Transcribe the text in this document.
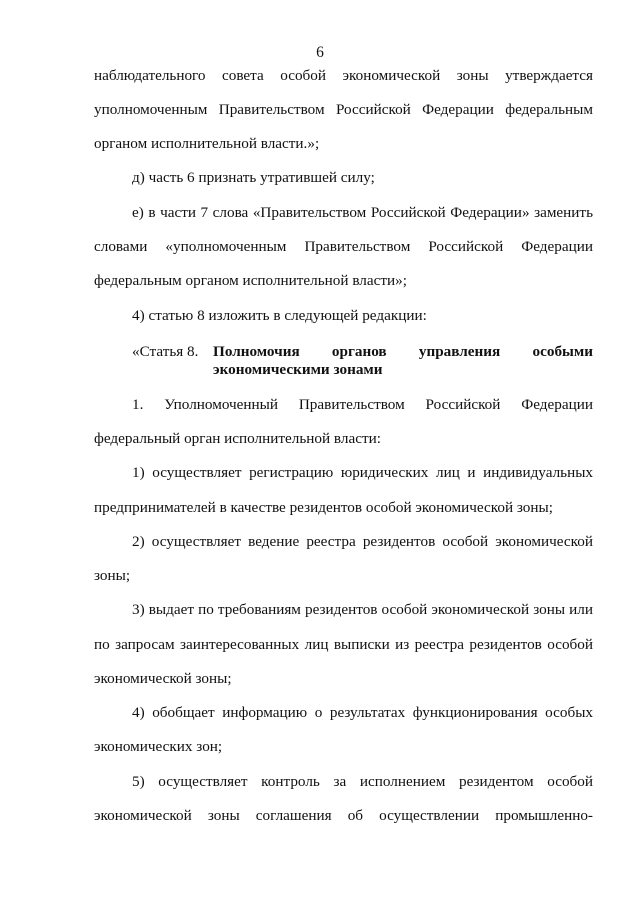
6
наблюдательного совета особой экономической зоны утверждается
уполномоченным Правительством Российской Федерации федеральным
органом исполнительной власти.»;
д) часть 6 признать утратившей силу;
е) в части 7 слова «Правительством Российской Федерации» заменить
словами «уполномоченным Правительством Российской Федерации
федеральным органом исполнительной власти»;
4) статью 8 изложить в следующей редакции:
«Статья 8. Полномочия органов управления особыми
экономическими зонами
1. Уполномоченный Правительством Российской Федерации
федеральный орган исполнительной власти:
1) осуществляет регистрацию юридических лиц и индивидуальных
предпринимателей в качестве резидентов особой экономической зоны;
2) осуществляет ведение реестра резидентов особой экономической
зоны;
3) выдает по требованиям резидентов особой экономической зоны или
по запросам заинтересованных лиц выписки из реестра резидентов особой
экономической зоны;
4) обобщает информацию о результатах функционирования особых
экономических зон;
5) осуществляет контроль за исполнением резидентом особой
экономической зоны соглашения об осуществлении промышленно-
